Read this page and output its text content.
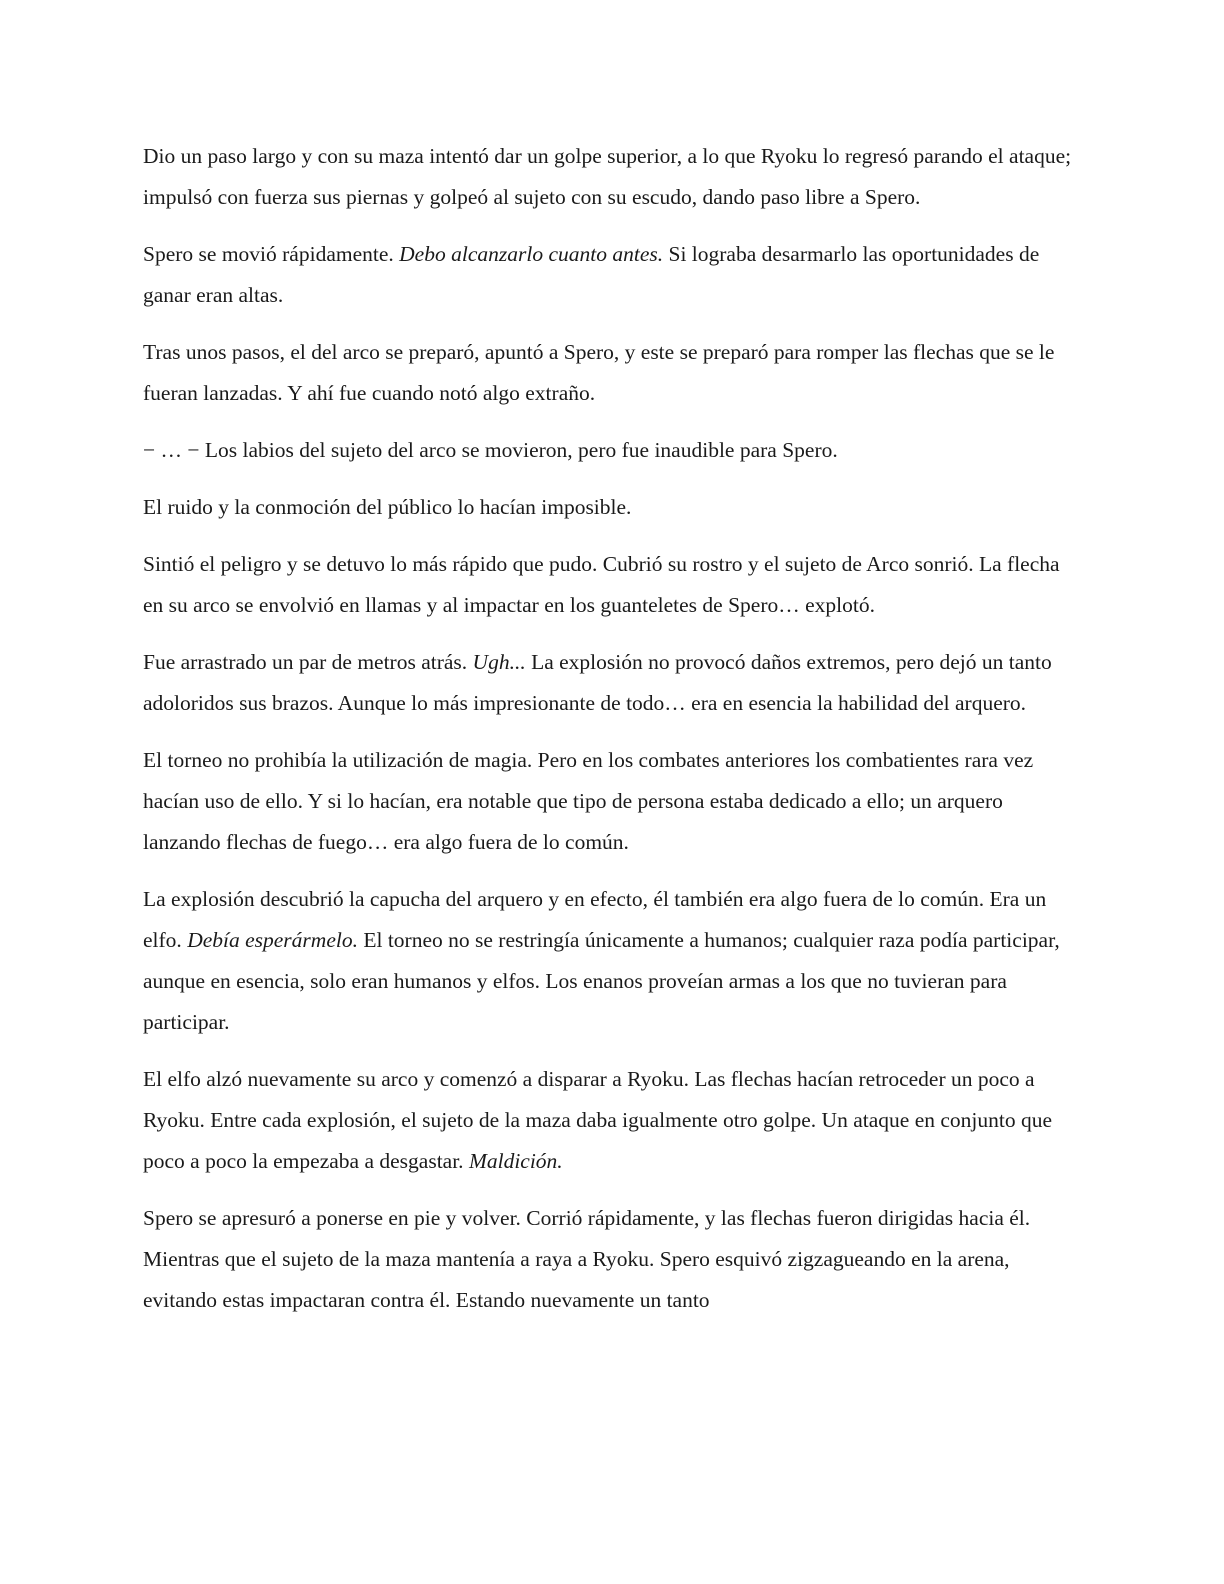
Dio un paso largo y con su maza intentó dar un golpe superior, a lo que Ryoku lo regresó parando el ataque; impulsó con fuerza sus piernas y golpeó al sujeto con su escudo, dando paso libre a Spero.

Spero se movió rápidamente. Debo alcanzarlo cuanto antes. Si lograba desarmarlo las oportunidades de ganar eran altas.

Tras unos pasos, el del arco se preparó, apuntó a Spero, y este se preparó para romper las flechas que se le fueran lanzadas. Y ahí fue cuando notó algo extraño.

− … − Los labios del sujeto del arco se movieron, pero fue inaudible para Spero.

El ruido y la conmoción del público lo hacían imposible.

Sintió el peligro y se detuvo lo más rápido que pudo. Cubrió su rostro y el sujeto de Arco sonrió. La flecha en su arco se envolvió en llamas y al impactar en los guanteletes de Spero… explotó.

Fue arrastrado un par de metros atrás. Ugh... La explosión no provocó daños extremos, pero dejó un tanto adoloridos sus brazos. Aunque lo más impresionante de todo… era en esencia la habilidad del arquero.

El torneo no prohibía la utilización de magia. Pero en los combates anteriores los combatientes rara vez hacían uso de ello. Y si lo hacían, era notable que tipo de persona estaba dedicado a ello; un arquero lanzando flechas de fuego… era algo fuera de lo común.

La explosión descubrió la capucha del arquero y en efecto, él también era algo fuera de lo común. Era un elfo. Debía esperármelo. El torneo no se restringía únicamente a humanos; cualquier raza podía participar, aunque en esencia, solo eran humanos y elfos. Los enanos proveían armas a los que no tuvieran para participar.

El elfo alzó nuevamente su arco y comenzó a disparar a Ryoku. Las flechas hacían retroceder un poco a Ryoku. Entre cada explosión, el sujeto de la maza daba igualmente otro golpe. Un ataque en conjunto que poco a poco la empezaba a desgastar. Maldición.

Spero se apresuró a ponerse en pie y volver. Corrió rápidamente, y las flechas fueron dirigidas hacia él. Mientras que el sujeto de la maza mantenía a raya a Ryoku. Spero esquivó zigzagueando en la arena, evitando estas impactaran contra él. Estando nuevamente un tanto
